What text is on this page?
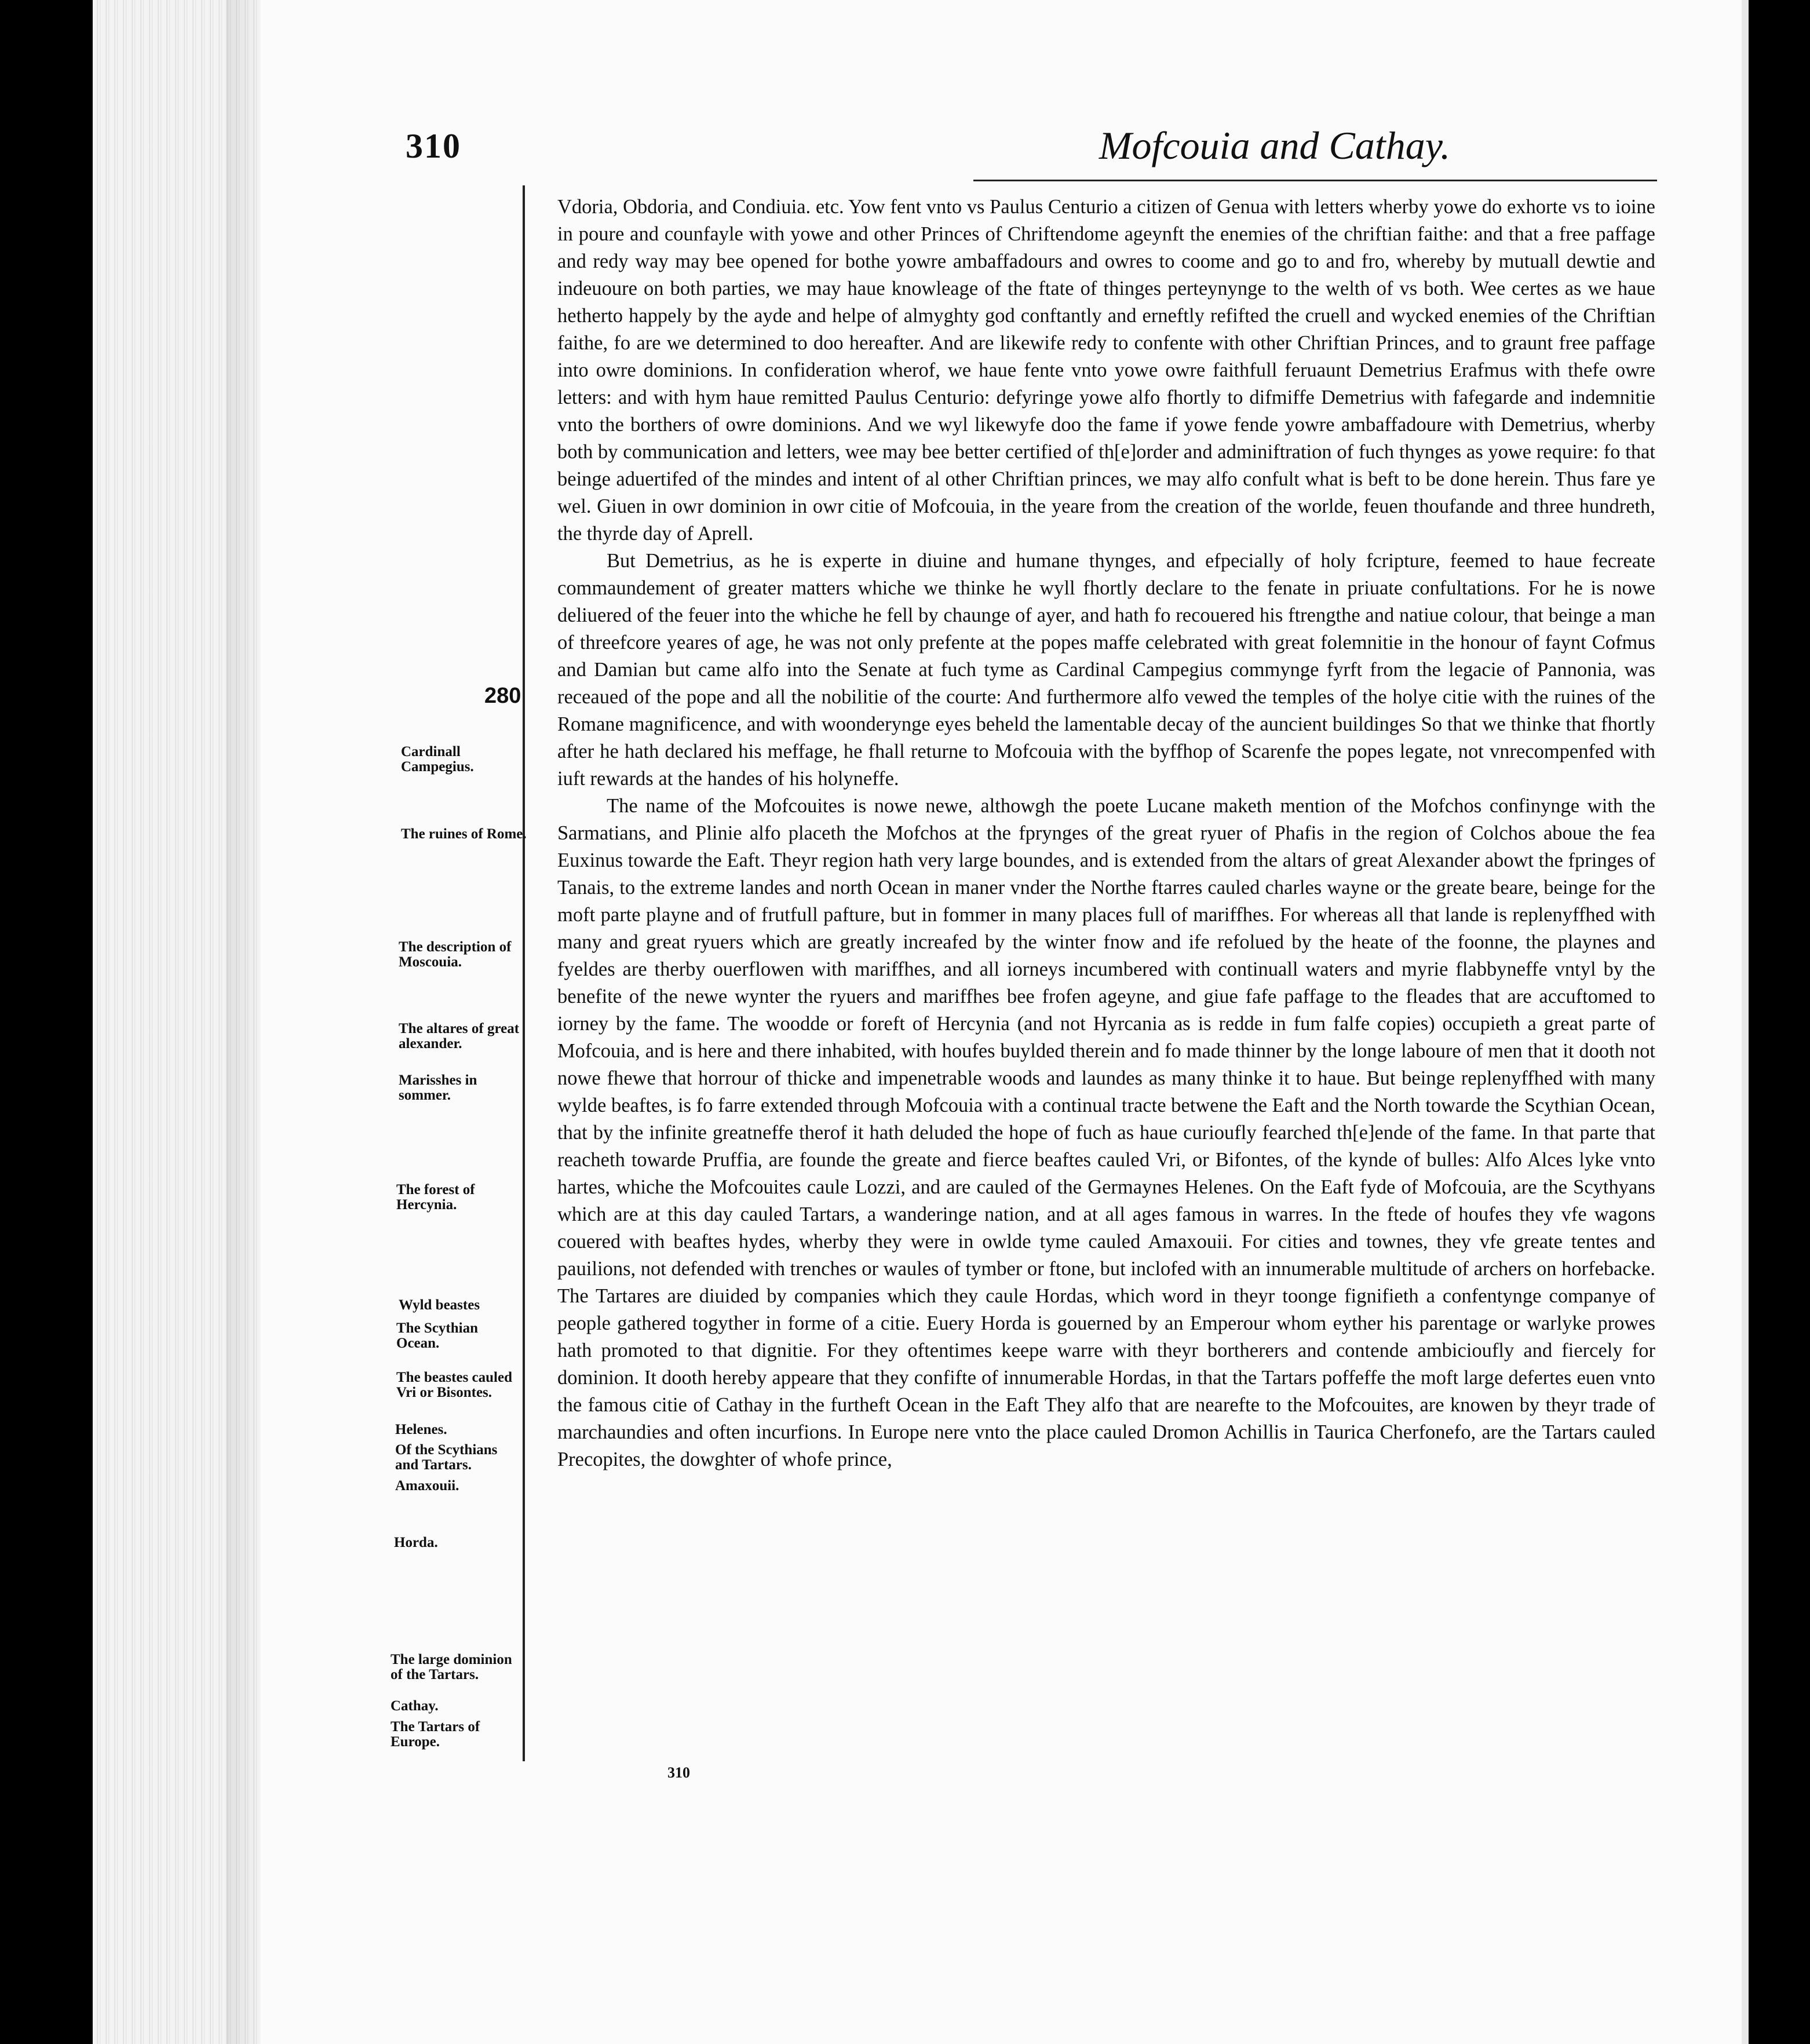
310	Mofcouia and Cathay.
280
Cardinall Campegius.
The ruines of Rome.
The description of Moscouia.
The altares of great alexander.
Marisshes in sommer.
The forest of Hercynia.
Wyld beastes
The Scythian Ocean.
The beastes cauled Vri or Bisontes.
Helenes.
Of the Scythians and Tartars.
Amaxouii.
Horda.
The large dominion of the Tartars.
Cathay.
The Tartars of Europe.

Vdoria, Obdoria, and Condiuia. etc. Yow fent vnto vs Paulus Centurio a citizen of Genua with letters wherby yowe do exhorte vs to ioine in poure and counfayle with yowe and other Princes of Chriftendome ageynft the enemies of the chriftian faithe: and that a free paffage and redy way may bee opened for bothe yowre ambaffadours and owres to coome and go to and fro, whereby by mutuall dewtie and indeuoure on both parties, we may haue knowleage of the ftate of thinges perteynynge to the welth of vs both. Wee certes as we haue hetherto happely by the ayde and helpe of almyghty god conftantly and erneftly refifted the cruell and wycked enemies of the Chriftian faithe, fo are we determined to doo hereafter. And are likewife redy to confente with other Chriftian Princes, and to graunt free paffage into owre dominions. In confideration wherof, we haue fente vnto yowe owre faithfull feruaunt Demetrius Erafmus with thefe owre letters: and with hym haue remitted Paulus Centurio: defyringe yowe alfo fhortly to difmiffe Demetrius with fafegarde and indemnitie vnto the borthers of owre dominions. And we wyl likewyfe doo the fame if yowe fende yowre ambaffadoure with Demetrius, wherby both by communication and letters, wee may bee better certified of th[e]order and adminiftration of fuch thynges as yowe require: fo that beinge aduertifed of the mindes and intent of al other Chriftian princes, we may alfo confult what is beft to be done herein. Thus fare ye wel. Giuen in owr dominion in owr citie of Mofcouia, in the yeare from the creation of the worlde, feuen thoufande and three hundreth, the thyrde day of Aprell.

But Demetrius, as he is experte in diuine and humane thynges, and efpecially of holy fcripture, feemed to haue fecreate commaundement of greater matters whiche we thinke he wyll fhortly declare to the fenate in priuate confultations. For he is nowe deliuered of the feuer into the whiche he fell by chaunge of ayer, and hath fo recouered his ftrengthe and natiue colour, that beinge a man of threefcore yeares of age, he was not only prefente at the popes maffe celebrated with great folemnitie in the honour of faynt Cofmus and Damian but came alfo into the Senate at fuch tyme as Cardinal Campegius commynge fyrft from the legacie of Pannonia, was receaued of the pope and all the nobilitie of the courte: And furthermore alfo vewed the temples of the holye citie with the ruines of the Romane magnificence, and with woonderynge eyes beheld the lamentable decay of the auncient buildinges So that we thinke that fhortly after he hath declared his meffage, he fhall returne to Mofcouia with the byffhop of Scarenfe the popes legate, not vnrecompenfed with iuft rewards at the handes of his holyneffe.

The name of the Mofcouites is nowe newe, althowgh the poete Lucane maketh mention of the Mofchos confinynge with the Sarmatians, and Plinie alfo placeth the Mofchos at the fprynges of the great ryuer of Phafis in the region of Colchos aboue the fea Euxinus towarde the Eaft. Theyr region hath very large boundes, and is extended from the altars of great Alexander abowt the fpringes of Tanais, to the extreme landes and north Ocean in maner vnder the Northe ftarres cauled charles wayne or the greate beare, beinge for the moft parte playne and of frutfull pafture, but in fommer in many places full of mariffhes. For whereas all that lande is replenyffhed with many and great ryuers which are greatly increafed by the winter fnow and ife refolued by the heate of the foonne, the playnes and fyeldes are therby ouerflowen with mariffhes, and all iorneys incumbered with continuall waters and myrie flabbyneffe vntyl by the benefite of the newe wynter the ryuers and mariffhes bee frofen ageyne, and giue fafe paffage to the fleades that are accuftomed to iorney by the fame. The woodde or foreft of Hercynia (and not Hyrcania as is redde in fum falfe copies) occupieth a great parte of Mofcouia, and is here and there inhabited, with houfes buylded therein and fo made thinner by the longe laboure of men that it dooth not nowe fhewe that horrour of thicke and impenetrable woods and laundes as many thinke it to haue. But beinge replenyffhed with many wylde beaftes, is fo farre extended through Mofcouia with a continual tracte betwene the Eaft and the North towarde the Scythian Ocean, that by the infinite greatneffe therof it hath deluded the hope of fuch as haue curioufly fearched th[e]ende of the fame. In that parte that reacheth towarde Pruffia, are founde the greate and fierce beaftes cauled Vri, or Bifontes, of the kynde of bulles: Alfo Alces lyke vnto hartes, whiche the Mofcouites caule Lozzi, and are cauled of the Germaynes Helenes. On the Eaft fyde of Mofcouia, are the Scythyans which are at this day cauled Tartars, a wanderinge nation, and at all ages famous in warres. In the ftede of houfes they vfe wagons couered with beaftes hydes, wherby they were in owlde tyme cauled Amaxouii. For cities and townes, they vfe greate tentes and pauilions, not defended with trenches or waules of tymber or ftone, but inclofed with an innumerable multitude of archers on horfebacke. The Tartares are diuided by companies which they caule Hordas, which word in theyr toonge fignifieth a confentynge companye of people gathered togyther in forme of a citie. Euery Horda is gouerned by an Emperour whom eyther his parentage or warlyke prowes hath promoted to that dignitie. For they oftentimes keepe warre with theyr bortherers and contende ambicioufly and fiercely for dominion. It dooth hereby appeare that they confifte of innumerable Hordas, in that the Tartars poffeffe the moft large defertes euen vnto the famous citie of Cathay in the furtheft Ocean in the Eaft They alfo that are nearefte to the Mofcouites, are knowen by theyr trade of marchaundies and often incurfions. In Europe nere vnto the place cauled Dromon Achillis in Taurica Cherfonefo, are the Tartars cauled Precopites, the dowghter of whofe prince,

310
